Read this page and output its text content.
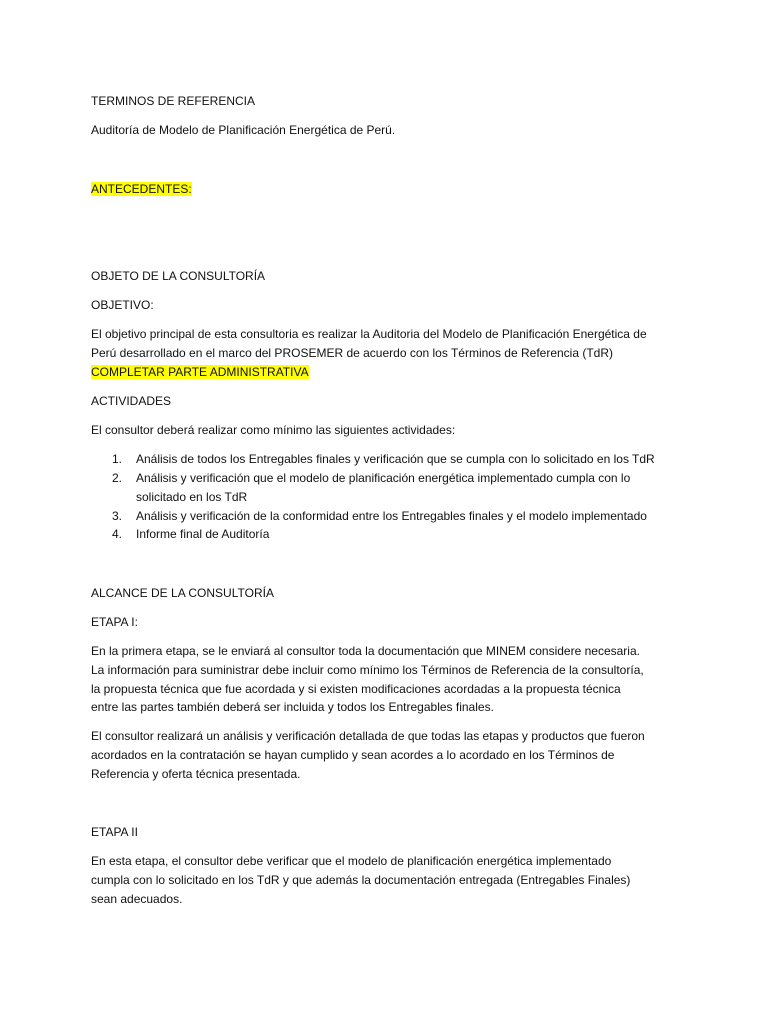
TERMINOS DE REFERENCIA

Auditoría de Modelo de Planificación Energética de Perú.

ANTECEDENTES:

OBJETO DE LA CONSULTORÍA

OBJETIVO:

El objetivo principal de esta consultoria es realizar la Auditoria del Modelo de Planificación Energética de

Perú desarrollado en el marco del PROSEMER de acuerdo con los Términos de Referencia (TdR)

COMPLETAR PARTE ADMINISTRATIVA

ACTIVIDADES

El consultor deberá realizar como mínimo las siguientes actividades:

1. Análisis de todos los Entregables finales y verificación que se cumpla con lo solicitado en los TdR
2. Análisis y verificación que el modelo de planificación energética implementado cumpla con lo
solicitado en los TdR
3. Análisis y verificación de la conformidad entre los Entregables finales y el modelo implementado
4. Informe final de Auditoría

ALCANCE DE LA CONSULTORÍA

ETAPA I:

En la primera etapa, se le enviará al consultor toda la documentación que MINEM considere necesaria.

La información para suministrar debe incluir como mínimo los Términos de Referencia de la consultoría,

la propuesta técnica que fue acordada y si existen modificaciones acordadas a la propuesta técnica

entre las partes también deberá ser incluida y todos los Entregables finales.

El consultor realizará un análisis y verificación detallada de que todas las etapas y productos que fueron

acordados en la contratación se hayan cumplido y sean acordes a lo acordado en los Términos de

Referencia y oferta técnica presentada.

ETAPA II

En esta etapa, el consultor debe verificar que el modelo de planificación energética implementado

cumpla con lo solicitado en los TdR y que además la documentación entregada (Entregables Finales)

sean adecuados.
